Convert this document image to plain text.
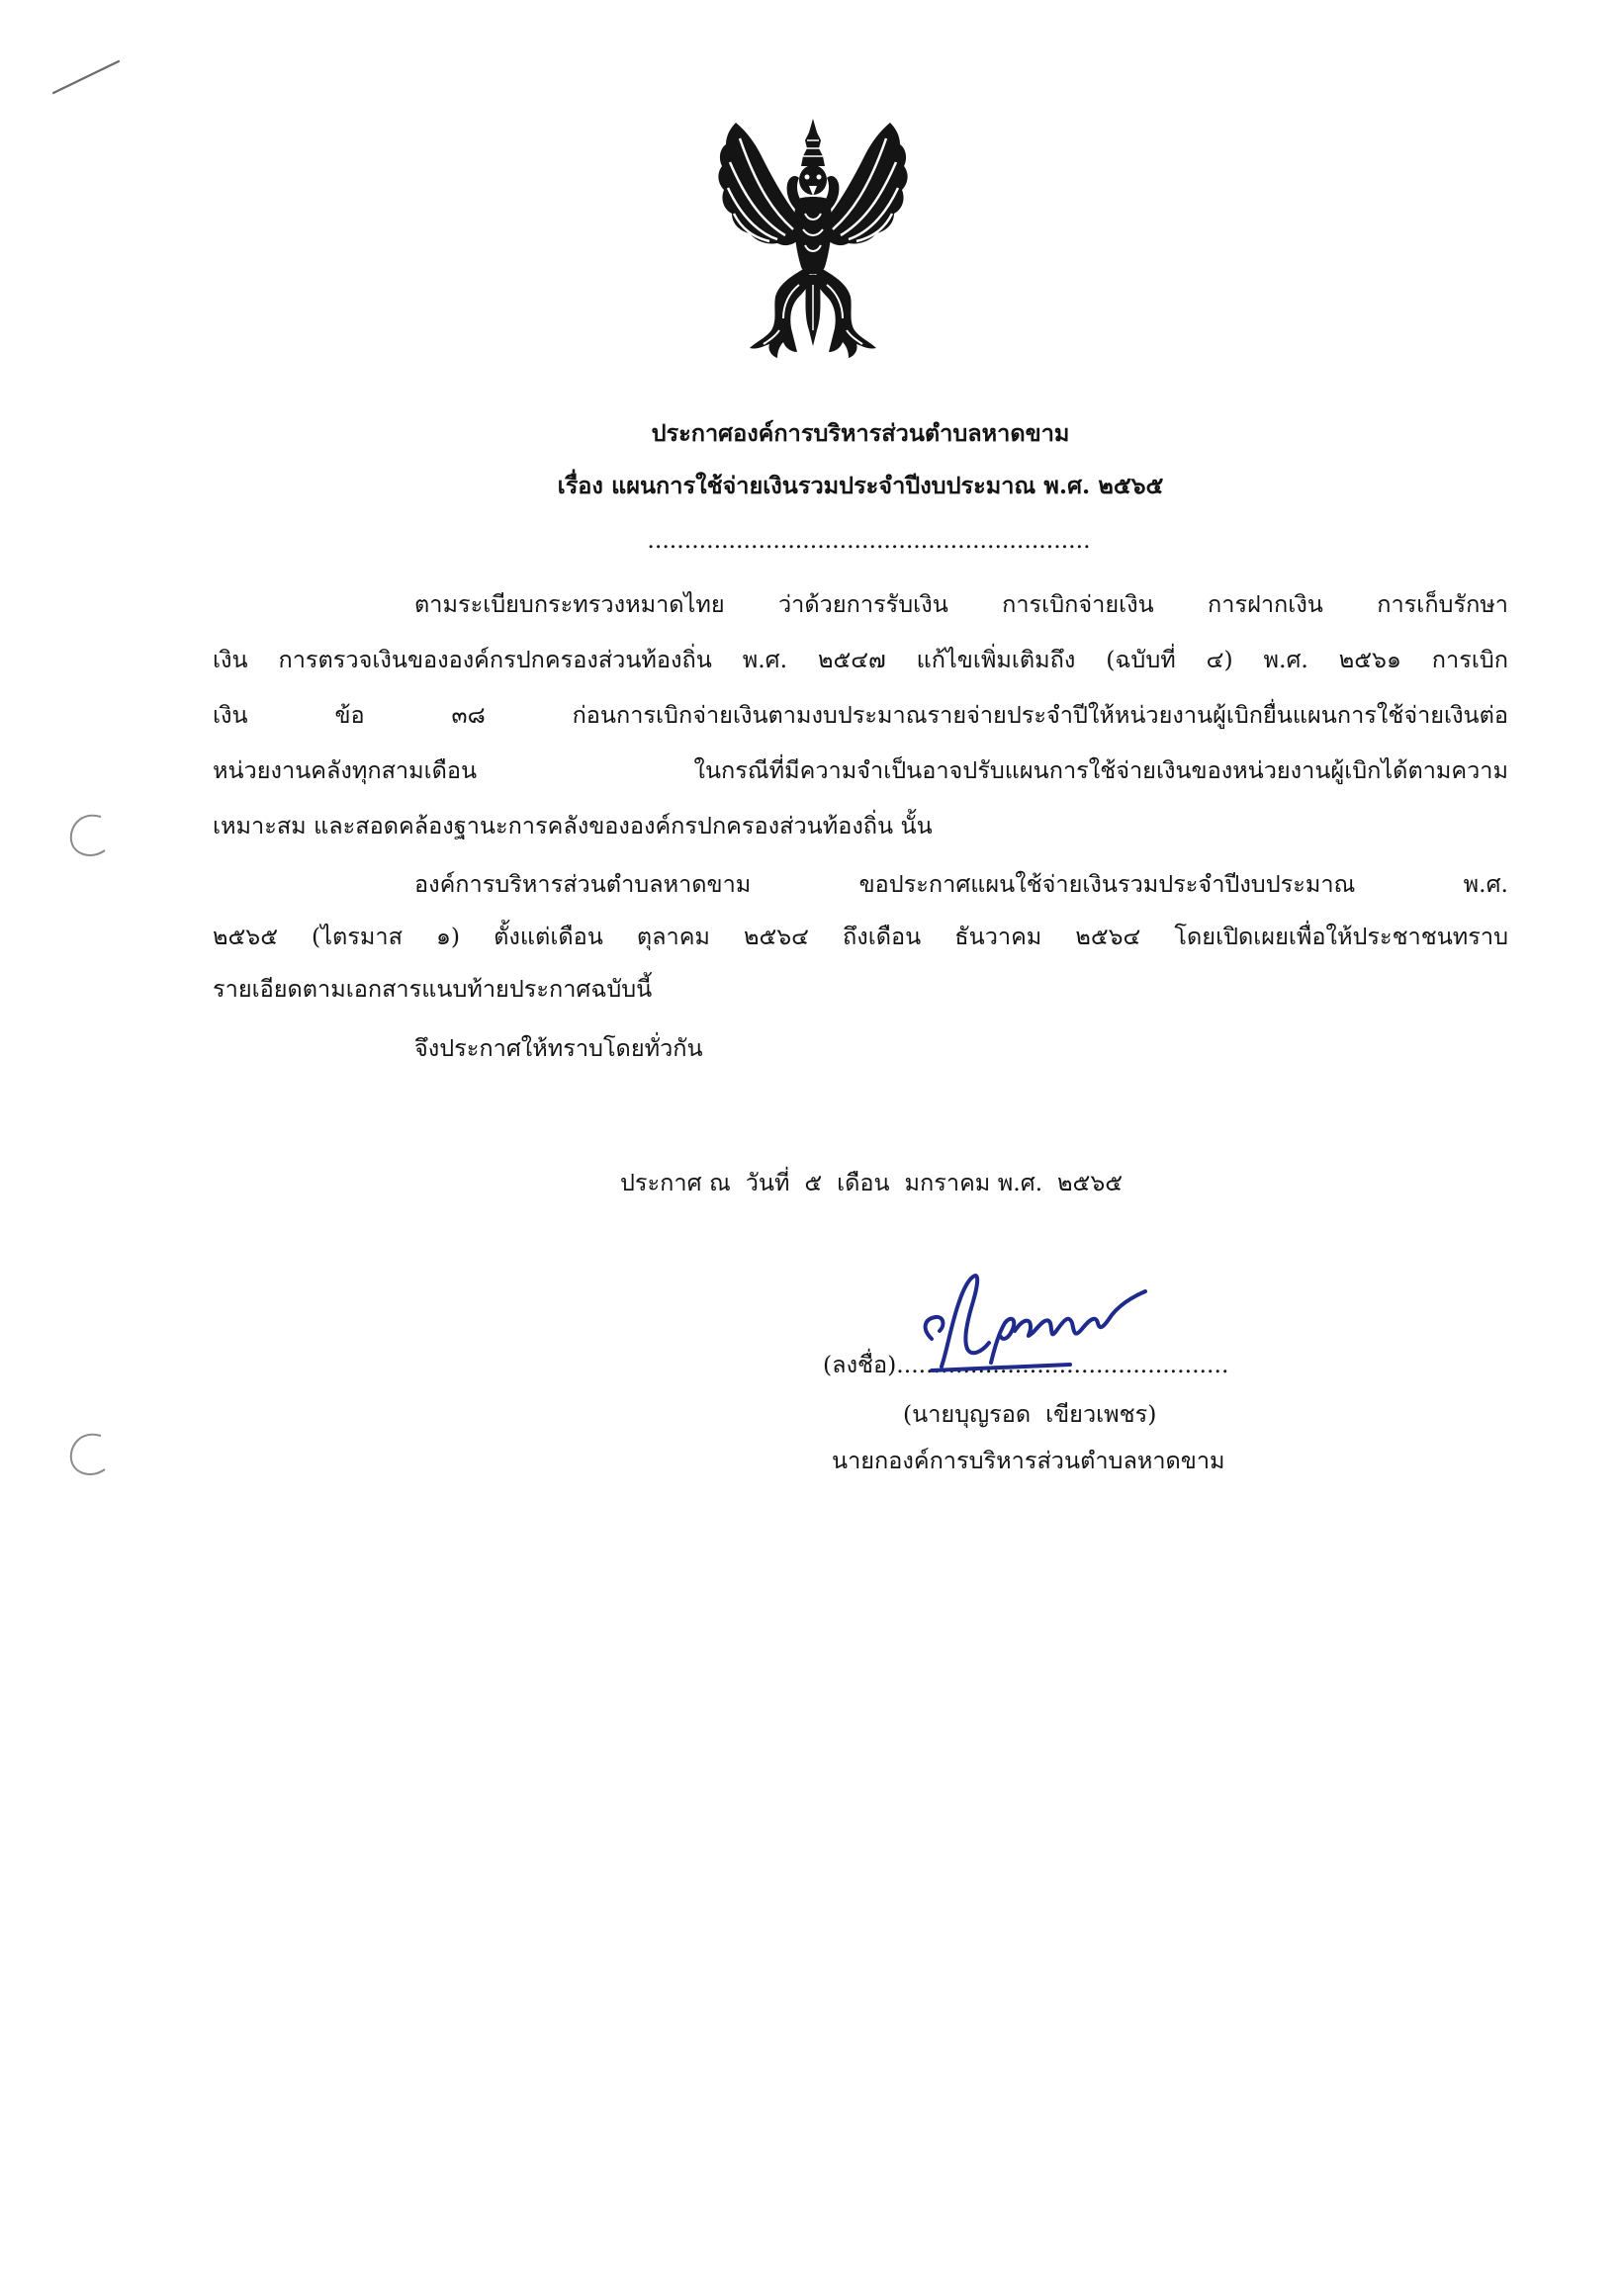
ประกาศองค์การบริหารส่วนตำบลหาดขาม
เรื่อง แผนการใช้จ่ายเงินรวมประจำปีงบประมาณ พ.ศ. ๒๕๖๕
............................................................
ตามระเบียบกระทรวงหมาดไทย ว่าด้วยการรับเงิน การเบิกจ่ายเงิน การฝากเงิน การเก็บรักษา
เงิน การตรวจเงินขององค์กรปกครองส่วนท้องถิ่น พ.ศ. ๒๕๔๗ แก้ไขเพิ่มเติมถึง (ฉบับที่ ๔) พ.ศ. ๒๕๖๑ การเบิก
เงิน ข้อ ๓๘ ก่อนการเบิกจ่ายเงินตามงบประมาณรายจ่ายประจำปีให้หน่วยงานผู้เบิกยื่นแผนการใช้จ่ายเงินต่อ
หน่วยงานคลังทุกสามเดือน ในกรณีที่มีความจำเป็นอาจปรับแผนการใช้จ่ายเงินของหน่วยงานผู้เบิกได้ตามความ
เหมาะสม และสอดคล้องฐานะการคลังขององค์กรปกครองส่วนท้องถิ่น นั้น
องค์การบริหารส่วนตำบลหาดขาม ขอประกาศแผนใช้จ่ายเงินรวมประจำปีงบประมาณ พ.ศ.
๒๕๖๕ (ไตรมาส ๑) ตั้งแต่เดือน ตุลาคม ๒๕๖๔ ถึงเดือน ธันวาคม ๒๕๖๔ โดยเปิดเผยเพื่อให้ประชาชนทราบ
รายเอียดตามเอกสารแนบท้ายประกาศฉบับนี้
จึงประกาศให้ทราบโดยทั่วกัน
ประกาศ ณ  วันที่  ๕  เดือน  มกราคม พ.ศ.  ๒๕๖๕
(ลงชื่อ).............................................
(นายบุญรอด  เขียวเพชร)
นายกองค์การบริหารส่วนตำบลหาดขาม
